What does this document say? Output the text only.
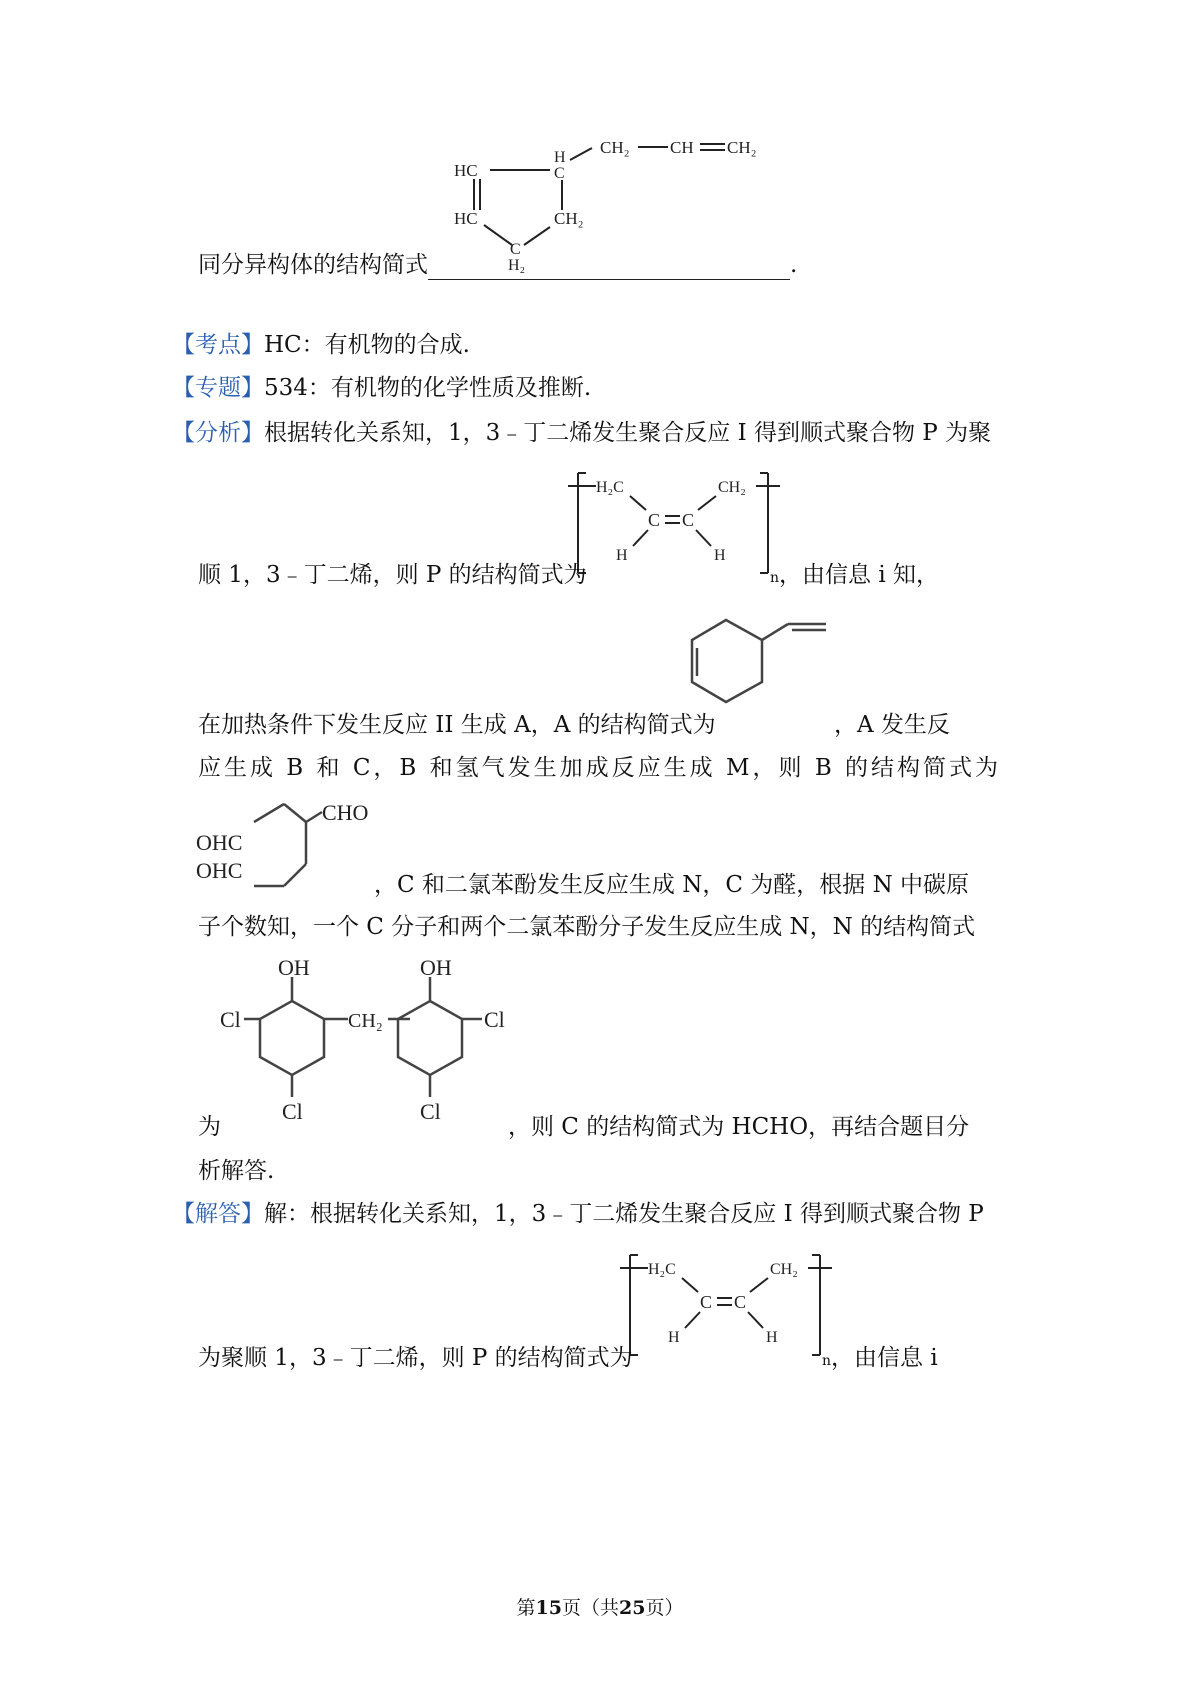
CH₂ CH CH₂
HC
HC
H
C
CH₂
C
H₂
同分异构体的结构简式	.
【考点】HC：有机物的合成.
【专题】534：有机物的化学性质及推断.
【分析】根据转化关系知，1，3﹣丁二烯发生聚合反应 I 得到顺式聚合物 P 为聚
H₂C	CH₂
C C
H	H
顺 1，3﹣丁二烯，则 P 的结构简式为	n，由信息 i 知，
在加热条件下发生反应 II 生成 A，A 的结构简式为	，A 发生反
应生成 B 和 C，B 和氢气发生加成反应生成 M，则 B 的结构简式为
CHO
OHC
OHC
，C 和二氯苯酚发生反应生成 N，C 为醛，根据 N 中碳原
子个数知，一个 C 分子和两个二氯苯酚分子发生反应生成 N，N 的结构简式
OH	OH
Cl	Cl
Cl	Cl
CH₂
为	，则 C 的结构简式为 HCHO，再结合题目分
析解答.
【解答】解：根据转化关系知，1，3﹣丁二烯发生聚合反应 I 得到顺式聚合物 P
H₂C	CH₂
C C
H	H
为聚顺 1，3﹣丁二烯，则 P 的结构简式为	n，由信息 i
第15页（共25页）
